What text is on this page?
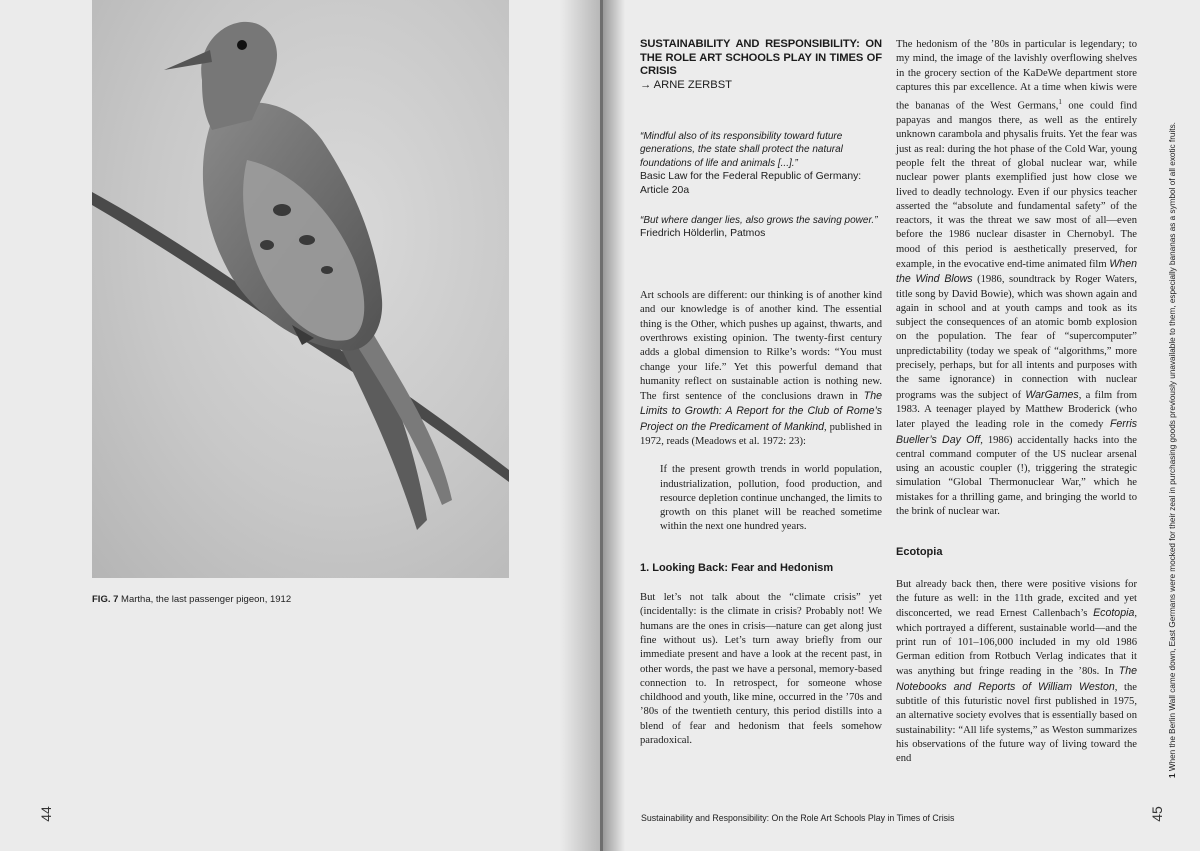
FIG. 7 Martha, the last passenger pigeon, 1912
44
SUSTAINABILITY AND RESPONSIBILITY: ON THE ROLE ART SCHOOLS PLAY IN TIMES OF CRISIS
→ ARNE ZERBST
“Mindful also of its responsibility toward future generations, the state shall protect the natural foundations of life and animals [...].”
Basic Law for the Federal Republic of Germany: Article 20a
“But where danger lies, also grows the saving power.”
Friedrich Hölderlin, Patmos

Art schools are different: our thinking is of another kind and our knowledge is of another kind. The essential thing is the Other, which pushes up against, thwarts, and overthrows existing opinion. The twenty-first century adds a global dimension to Rilke’s words: “You must change your life.” Yet this powerful demand that humanity reflect on sustainable action is nothing new. The first sentence of the conclusions drawn in The Limits to Growth: A Report for the Club of Rome’s Project on the Predicament of Mankind, published in 1972, reads (Meadows et al. 1972: 23):

If the present growth trends in world population, industrialization, pollution, food production, and resource depletion continue unchanged, the limits to growth on this planet will be reached sometime within the next one hundred years.

1. Looking Back: Fear and Hedonism

But let’s not talk about the “climate crisis” yet (incidentally: is the climate in crisis? Probably not! We humans are the ones in crisis—nature can get along just fine without us). Let’s turn away briefly from our immediate present and have a look at the recent past, in other words, the past we have a personal, memory-based connection to. In retrospect, for someone whose childhood and youth, like mine, occurred in the ’70s and ’80s of the twentieth century, this period distills into a blend of fear and hedonism that feels somehow paradoxical.

The hedonism of the ’80s in particular is legendary; to my mind, the image of the lavishly overflowing shelves in the grocery section of the KaDeWe department store captures this par excellence. At a time when kiwis were the bananas of the West Germans,$^1$ one could find papayas and mangos there, as well as the entirely unknown carambola and physalis fruits. Yet the fear was just as real: during the hot phase of the Cold War, young people felt the threat of global nuclear war, while nuclear power plants exemplified just how close we lived to deadly technology. Even if our physics teacher asserted the “absolute and fundamental safety” of the reactors, it was the threat we saw most of all—even before the 1986 nuclear disaster in Chernobyl. The mood of this period is aesthetically preserved, for example, in the evocative end-time animated film When the Wind Blows (1986, soundtrack by Roger Waters, title song by David Bowie), which was shown again and again in school and at youth camps and took as its subject the consequences of an atomic bomb explosion on the population. The fear of “supercomputer” unpredictability (today we speak of “algorithms,” more precisely, perhaps, but for all intents and purposes with the same ignorance) in connection with nuclear programs was the subject of WarGames, a film from 1983. A teenager played by Matthew Broderick (who later played the leading role in the comedy Ferris Bueller’s Day Off, 1986) accidentally hacks into the central command computer of the US nuclear arsenal using an acoustic coupler (!), triggering the strategic simulation “Global Thermonuclear War,” which he mistakes for a thrilling game, and bringing the world to the brink of nuclear war.

Ecotopia

But already back then, there were positive visions for the future as well: in the 11th grade, excited and yet disconcerted, we read Ernest Callenbach’s Ecotopia, which portrayed a different, sustainable world—and the print run of 101–106,000 included in my old 1986 German edition from Rotbuch Verlag indicates that it was anything but fringe reading in the ’80s. In The Notebooks and Reports of William Weston, the subtitle of this futuristic novel first published in 1975, an alternative society evolves that is essentially based on sustainability: “All life systems,” as Weston summarizes his observations of the future way of living toward the end

Sustainability and Responsibility: On the Role Art Schools Play in Times of Crisis	45
1 When the Berlin Wall came down, East Germans were mocked for their zeal in purchasing goods previously unavailable to them, especially bananas as a symbol of all exotic fruits.
